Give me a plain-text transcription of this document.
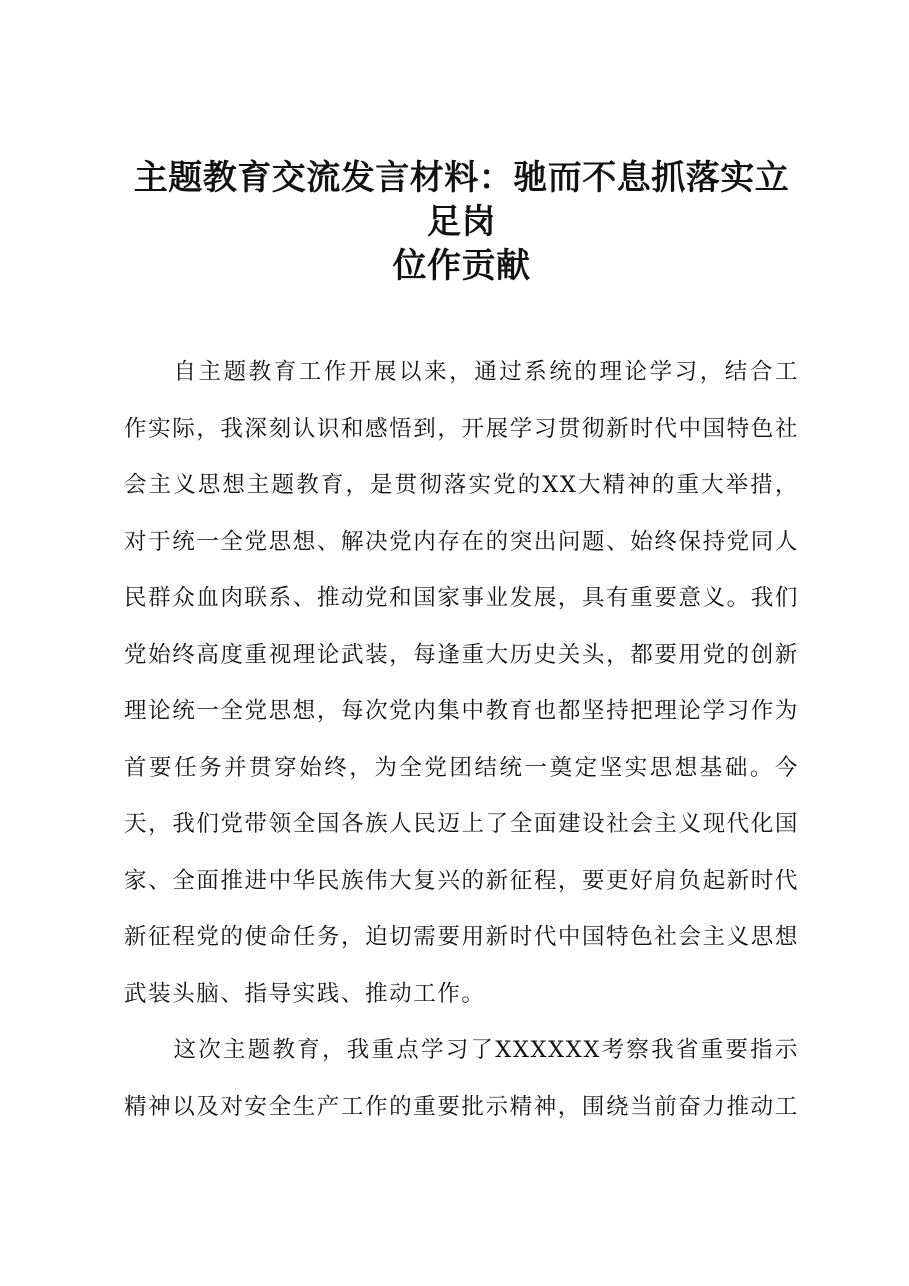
主题教育交流发言材料：驰而不息抓落实立足岗
位作贡献

自主题教育工作开展以来，通过系统的理论学习，结合工作实际，我深刻认识和感悟到，开展学习贯彻新时代中国特色社会主义思想主题教育，是贯彻落实党的XX大精神的重大举措，对于统一全党思想、解决党内存在的突出问题、始终保持党同人民群众血肉联系、推动党和国家事业发展，具有重要意义。我们党始终高度重视理论武装，每逢重大历史关头，都要用党的创新理论统一全党思想，每次党内集中教育也都坚持把理论学习作为首要任务并贯穿始终，为全党团结统一奠定坚实思想基础。今天，我们党带领全国各族人民迈上了全面建设社会主义现代化国家、全面推进中华民族伟大复兴的新征程，要更好肩负起新时代新征程党的使命任务，迫切需要用新时代中国特色社会主义思想武装头脑、指导实践、推动工作。

这次主题教育，我重点学习了XXXXXX考察我省重要指示精神以及对安全生产工作的重要批示精神，围绕当前奋力推动工
